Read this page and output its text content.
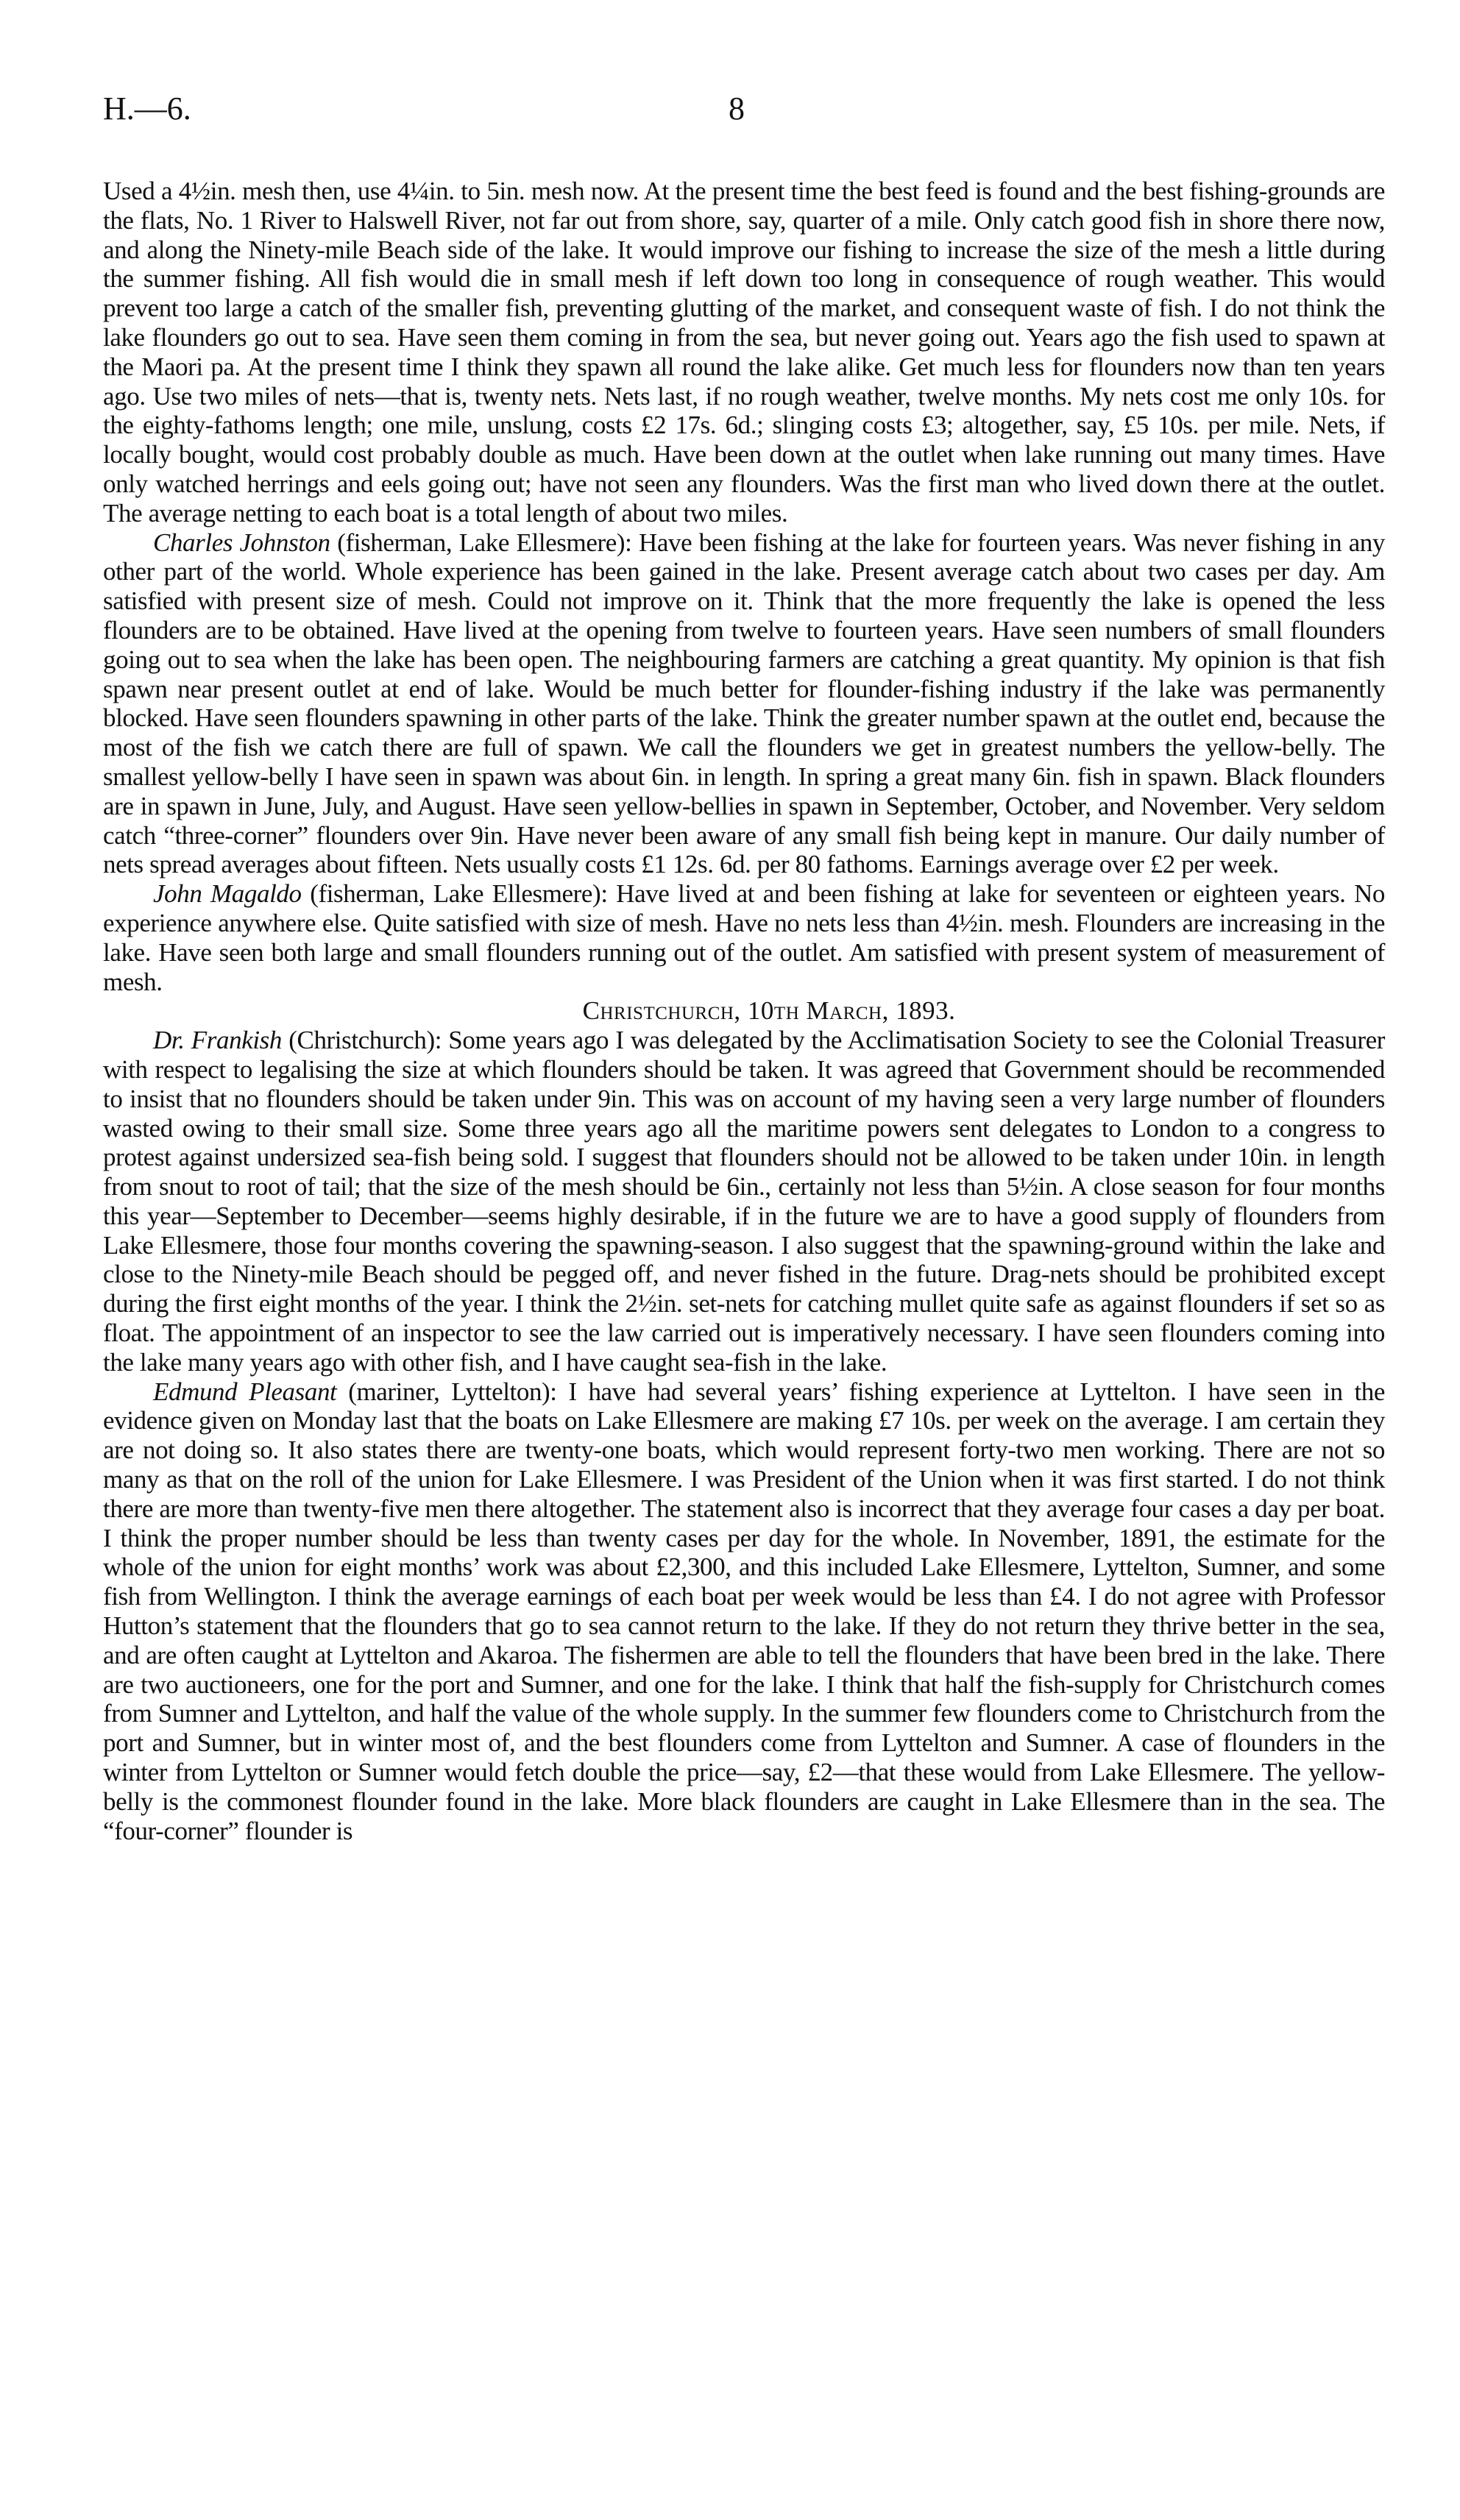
H.—6.	8

Used a 4½in. mesh then, use 4¼in. to 5in. mesh now. At the present time the best feed is found and the best fishing-grounds are the flats, No. 1 River to Halswell River, not far out from shore, say, quarter of a mile. Only catch good fish in shore there now, and along the Ninety-mile Beach side of the lake. It would improve our fishing to increase the size of the mesh a little during the summer fishing. All fish would die in small mesh if left down too long in consequence of rough weather. This would prevent too large a catch of the smaller fish, preventing glutting of the market, and consequent waste of fish. I do not think the lake flounders go out to sea. Have seen them coming in from the sea, but never going out. Years ago the fish used to spawn at the Maori pa. At the present time I think they spawn all round the lake alike. Get much less for flounders now than ten years ago. Use two miles of nets—that is, twenty nets. Nets last, if no rough weather, twelve months. My nets cost me only 10s. for the eighty-fathoms length; one mile, unslung, costs £2 17s. 6d.; slinging costs £3; altogether, say, £5 10s. per mile. Nets, if locally bought, would cost probably double as much. Have been down at the outlet when lake running out many times. Have only watched herrings and eels going out; have not seen any flounders. Was the first man who lived down there at the outlet. The average netting to each boat is a total length of about two miles.

Charles Johnston (fisherman, Lake Ellesmere): Have been fishing at the lake for fourteen years. Was never fishing in any other part of the world. Whole experience has been gained in the lake. Present average catch about two cases per day. Am satisfied with present size of mesh. Could not improve on it. Think that the more frequently the lake is opened the less flounders are to be obtained. Have lived at the opening from twelve to fourteen years. Have seen numbers of small flounders going out to sea when the lake has been open. The neighbouring farmers are catching a great quantity. My opinion is that fish spawn near present outlet at end of lake. Would be much better for flounder-fishing industry if the lake was permanently blocked. Have seen flounders spawning in other parts of the lake. Think the greater number spawn at the outlet end, because the most of the fish we catch there are full of spawn. We call the flounders we get in greatest numbers the yellow-belly. The smallest yellow-belly I have seen in spawn was about 6in. in length. In spring a great many 6in. fish in spawn. Black flounders are in spawn in June, July, and August. Have seen yellow-bellies in spawn in September, October, and November. Very seldom catch “three-corner” flounders over 9in. Have never been aware of any small fish being kept in manure. Our daily number of nets spread averages about fifteen. Nets usually costs £1 12s. 6d. per 80 fathoms. Earnings average over £2 per week.

John Magaldo (fisherman, Lake Ellesmere): Have lived at and been fishing at lake for seventeen or eighteen years. No experience anywhere else. Quite satisfied with size of mesh. Have no nets less than 4½in. mesh. Flounders are increasing in the lake. Have seen both large and small flounders running out of the outlet. Am satisfied with present system of measurement of mesh.

Christchurch, 10th March, 1893.

Dr. Frankish (Christchurch): Some years ago I was delegated by the Acclimatisation Society to see the Colonial Treasurer with respect to legalising the size at which flounders should be taken. It was agreed that Government should be recommended to insist that no flounders should be taken under 9in. This was on account of my having seen a very large number of flounders wasted owing to their small size. Some three years ago all the maritime powers sent delegates to London to a congress to protest against undersized sea-fish being sold. I suggest that flounders should not be allowed to be taken under 10in. in length from snout to root of tail; that the size of the mesh should be 6in., certainly not less than 5½in. A close season for four months this year—September to December—seems highly desirable, if in the future we are to have a good supply of flounders from Lake Ellesmere, those four months covering the spawning-season. I also suggest that the spawning-ground within the lake and close to the Ninety-mile Beach should be pegged off, and never fished in the future. Drag-nets should be prohibited except during the first eight months of the year. I think the 2½in. set-nets for catching mullet quite safe as against flounders if set so as float. The appointment of an inspector to see the law carried out is imperatively necessary. I have seen flounders coming into the lake many years ago with other fish, and I have caught sea-fish in the lake.

Edmund Pleasant (mariner, Lyttelton): I have had several years’ fishing experience at Lyttelton. I have seen in the evidence given on Monday last that the boats on Lake Ellesmere are making £7 10s. per week on the average. I am certain they are not doing so. It also states there are twenty-one boats, which would represent forty-two men working. There are not so many as that on the roll of the union for Lake Ellesmere. I was President of the Union when it was first started. I do not think there are more than twenty-five men there altogether. The statement also is incorrect that they average four cases a day per boat. I think the proper number should be less than twenty cases per day for the whole. In November, 1891, the estimate for the whole of the union for eight months’ work was about £2,300, and this included Lake Ellesmere, Lyttelton, Sumner, and some fish from Wellington. I think the average earnings of each boat per week would be less than £4. I do not agree with Professor Hutton’s statement that the flounders that go to sea cannot return to the lake. If they do not return they thrive better in the sea, and are often caught at Lyttelton and Akaroa. The fishermen are able to tell the flounders that have been bred in the lake. There are two auctioneers, one for the port and Sumner, and one for the lake. I think that half the fish-supply for Christchurch comes from Sumner and Lyttelton, and half the value of the whole supply. In the summer few flounders come to Christchurch from the port and Sumner, but in winter most of, and the best flounders come from Lyttelton and Sumner. A case of flounders in the winter from Lyttelton or Sumner would fetch double the price—say, £2—that these would from Lake Ellesmere. The yellow-belly is the commonest flounder found in the lake. More black flounders are caught in Lake Ellesmere than in the sea. The “four-corner” flounder is
